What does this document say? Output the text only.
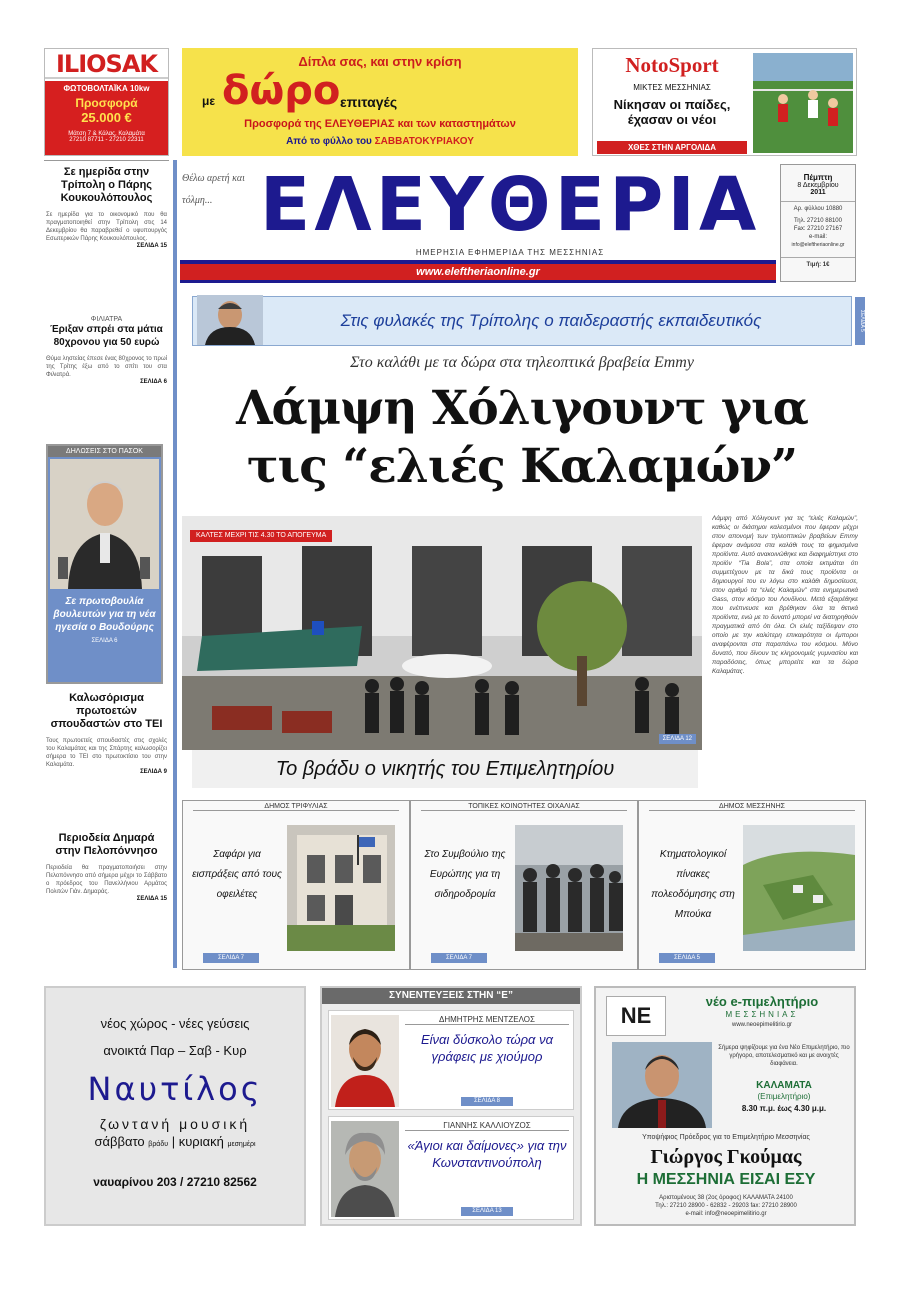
ILIOSAK
ΦΩΤΟΒΟΛΤΑΪΚΑ 10kw
Προσφορά
25.000 €
Μάτση 7 & Κάλας, Καλαμάτα
27210 87711 - 27210 22311
Δίπλα σας, και στην κρίση
με δώρο επιταγές
Προσφορά της ΕΛΕΥΘΕΡΙΑΣ και των καταστημάτων
Από το φύλλο του ΣΑΒΒΑΤΟΚΥΡΙΑΚΟΥ
NotoSport
ΜΙΚΤΕΣ ΜΕΣΣΗΝΙΑΣ
Νίκησαν οι παίδες, έχασαν οι νέοι
ΧΘΕΣ ΣΤΗΝ ΑΡΓΟΛΙΔΑ
Σε ημερίδα στην Τρίπολη ο Πάρης Κουκουλόπουλος
Σε ημερίδα για το οικονομικό που θα πραγματοποιηθεί στην Τρίπολη στις 14 Δεκεμβρίου θα παραβρεθεί ο υφυπουργός Εσωτερικών Πάρης Κουκουλόπουλος.
ΣΕΛΙΔΑ 15
ΦΙΛΙΑΤΡΑ
Έριξαν σπρέι στα μάτια 80χρονου για 50 ευρώ
Θύμα ληστείας έπεσε ένας 80χρονος το πρωί της Τρίτης έξω από το σπίτι του στα Φιλιατρά.
ΣΕΛΙΔΑ 6
ΔΗΛΩΣΕΙΣ ΣΤΟ ΠΑΣΟΚ
Σε πρωτοβουλία βουλευτών για τη νέα ηγεσία ο Βουδούρης
ΣΕΛΙΔΑ 6
Καλωσόρισμα πρωτοετών σπουδαστών στο ΤΕΙ
Τους πρωτοετείς σπουδαστές στις σχολές του Καλαμάτας και της Σπάρτης καλωσορίζει σήμερα το ΤΕΙ στο πρωτοκτίσιο του στην Καλαμάτα.
ΣΕΛΙΔΑ 9
Περιοδεία Δημαρά στην Πελοπόννησο
Περιοδεία θα πραγματοποιήσει στην Πελοπόννησο από σήμερα μέχρι το Σάββατο ο πρόεδρος του Πανελλήνιου Αρμάτος Πολιτών Γιάν. Δημαράς.
ΣΕΛΙΔΑ 15
Θέλω αρετή και τόλμη... ΕΛΕΥΘΕΡΙΑ
ΗΜΕΡΗΣΙΑ ΕΦΗΜΕΡΙΔΑ ΤΗΣ ΜΕΣΣΗΝΙΑΣ
www.eleftheriaonline.gr
Πέμπτη
8 Δεκεμβρίου
2011
Αρ. φύλλου 10880
Τηλ. 27210 88100
Fax: 27210 27167
e-mail:
info@eleftheriaonline.gr
Τιμή: 1€
Στις φυλακές της Τρίπολης ο παιδεραστής εκπαιδευτικός	ΣΕΛΙΔΑ 5
Στο καλάθι με τα δώρα στα τηλεοπτικά βραβεία Emmy
Λάμψη Χόλιγουντ για
τις “ελιές Καλαμών”
ΚΑΛΤΕΣ ΜΕΧΡΙ ΤΙΣ 4.30 ΤΟ ΑΠΟΓΕΥΜΑ
ΣΕΛΙΔΑ 12
Το βράδυ ο νικητής του Επιμελητηρίου
Λάμψη από Χόλιγουντ για τις “ελιές Καλαμών”, καθώς οι διάσημοι καλεσμένοι που έφεραν μέχρι στον απονομή των τηλεοπτικών βραβείων Emmy έφεραν ανάμεσα στα καλάθι τους τα φημισμένα προϊόντα. Αυτό ανακοινώθηκε και διαφημίστηκε στο προϊόν “Tia Bola”, στα οποία εκτιμάται ότι συμμετέχουν με τα δικά τους προϊόντα οι δημιουργοί του εν λόγω στο καλάθι δημοσίευσε, στον αριθμό τα “ελιές Καλαμών” στα ενημερωτικά Gass, στον κόσμο του Λονδίνου. Μετά εξαιρέθηκε που ενέπνευσε και βρέθηκαν όλα τα θετικά προϊόντα, ενώ με το δυνατό μπορεί να διατηρηθούν πραγματικά από ότι όλα. Οι ελιές ταξίδεψαν στο οποίο με την καλύτερη επικαιρότητα οι έμποροι αναφέρονται στα παραπάνω του κόσμου. Μόνο δυνατό, που δίνουν τις κληρονομιές γυμνασίου και παραδόσεις, όπως μπορείτε και τα δώρα Καλαμάτας.
ΔΗΜΟΣ ΤΡΙΦΥΛΙΑΣ
Σαφάρι για εισπράξεις από τους οφειλέτες
ΣΕΛΙΔΑ 7
ΤΟΠΙΚΕΣ ΚΟΙΝΟΤΗΤΕΣ ΟΙΧΑΛΙΑΣ
Στο Συμβούλιο της Ευρώπης για τη σιδηροδρομία
ΣΕΛΙΔΑ 7
ΔΗΜΟΣ ΜΕΣΣΗΝΗΣ
Κτηματολογικοί πίνακες πολεοδόμησης στη Μπούκα
ΣΕΛΙΔΑ 5
νέος χώρος - νέες γεύσεις
ανοικτά Παρ – Σαβ - Κυρ
Ναυτίλος
ζωντανή μουσική
σάββατο βράδυ | κυριακή μεσημέρι
ναυαρίνου 203 / 27210 82562
ΣΥΝΕΝΤΕΥΞΕΙΣ ΣΤΗΝ “Ε”
ΔΗΜΗΤΡΗΣ ΜΕΝΤΖΕΛΟΣ
Είναι δύσκολο τώρα να γράφεις με χιούμορ
ΣΕΛΙΔΑ 8
ΓΙΑΝΝΗΣ ΚΑΛΛΙΟΥΖΟΣ
«Άγιοι και δαίμονες» για την Κωνσταντινούπολη
ΣΕΛΙΔΑ 13
ΝΕ
νέο e-πιμελητήριο
ΜΕΣΣΗΝΙΑΣ
www.neoepimelitirio.gr
Σήμερα ψηφίζουμε για ένα Νέο Επιμελητήριο, πιο γρήγορο, αποτελεσματικό και με ανοιχτές διαφάνεια.
ΚΑΛΑΜΑΤΑ
(Επιμελητήριο)
8.30 π.μ. έως 4.30 μ.μ.
Υποψήφιος Πρόεδρος για το Επιμελητήριο Μεσσηνίας
Γιώργος Γκούμας
Η ΜΕΣΣΗΝΙΑ ΕΙΣΑΙ ΕΣΥ
Αριστομένους 38 (2ος όροφος) ΚΑΛΑΜΑΤΑ 24100
Τηλ.: 27210 28900 - 62832 - 29203 fax: 27210 28900
e-mail: info@neoepimelitirio.gr
